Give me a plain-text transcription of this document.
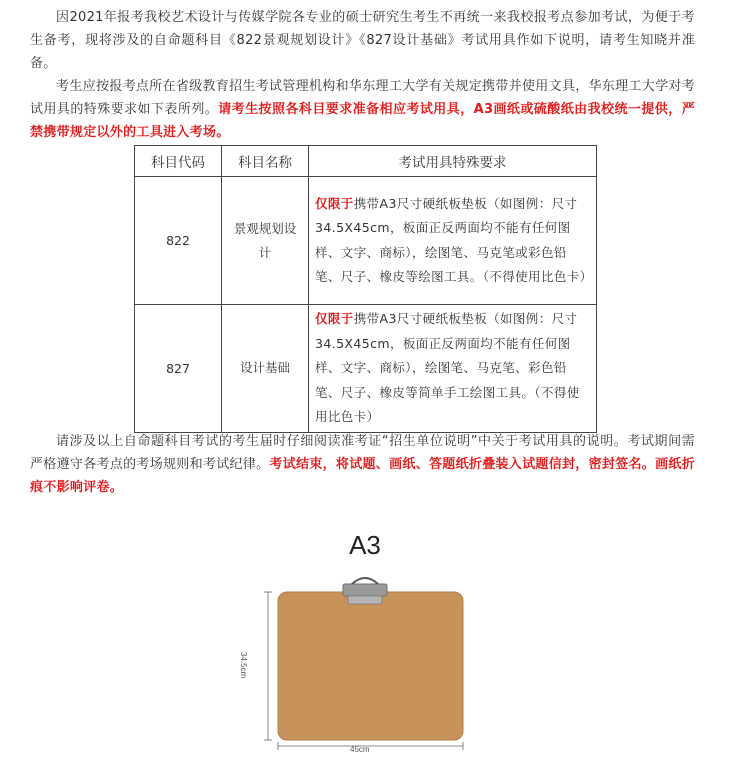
因2021年报考我校艺术设计与传媒学院各专业的硕士研究生考生不再统一来我校报考点参加考试，为便于考生备考，现将涉及的自命题科目《822景观规划设计》《827设计基础》考试用具作如下说明，请考生知晓并准备。

考生应按报考点所在省级教育招生考试管理机构和华东理工大学有关规定携带并使用文具，华东理工大学对考试用具的特殊要求如下表所列。请考生按照各科目要求准备相应考试用具，A3画纸或硫酸纸由我校统一提供，严禁携带规定以外的工具进入考场。

科目代码	科目名称	考试用具特殊要求
822	景观规划设计	仅限于携带A3尺寸硬纸板垫板（如图例：尺寸34.5X45cm，板面正反两面均不能有任何图样、文字、商标），绘图笔、马克笔或彩色铅笔、尺子、橡皮等绘图工具。（不得使用比色卡）
827	设计基础	仅限于携带A3尺寸硬纸板垫板（如图例：尺寸34.5X45cm，板面正反两面均不能有任何图样、文字、商标），绘图笔、马克笔、彩色铅笔、尺子、橡皮等简单手工绘图工具。（不得使用比色卡）

请涉及以上自命题科目考试的考生届时仔细阅读准考证“招生单位说明”中关于考试用具的说明。考试期间需严格遵守各考点的考场规则和考试纪律。考试结束，将试题、画纸、答题纸折叠装入试题信封，密封签名。画纸折痕不影响评卷。

A3
45cm
34.5cm
